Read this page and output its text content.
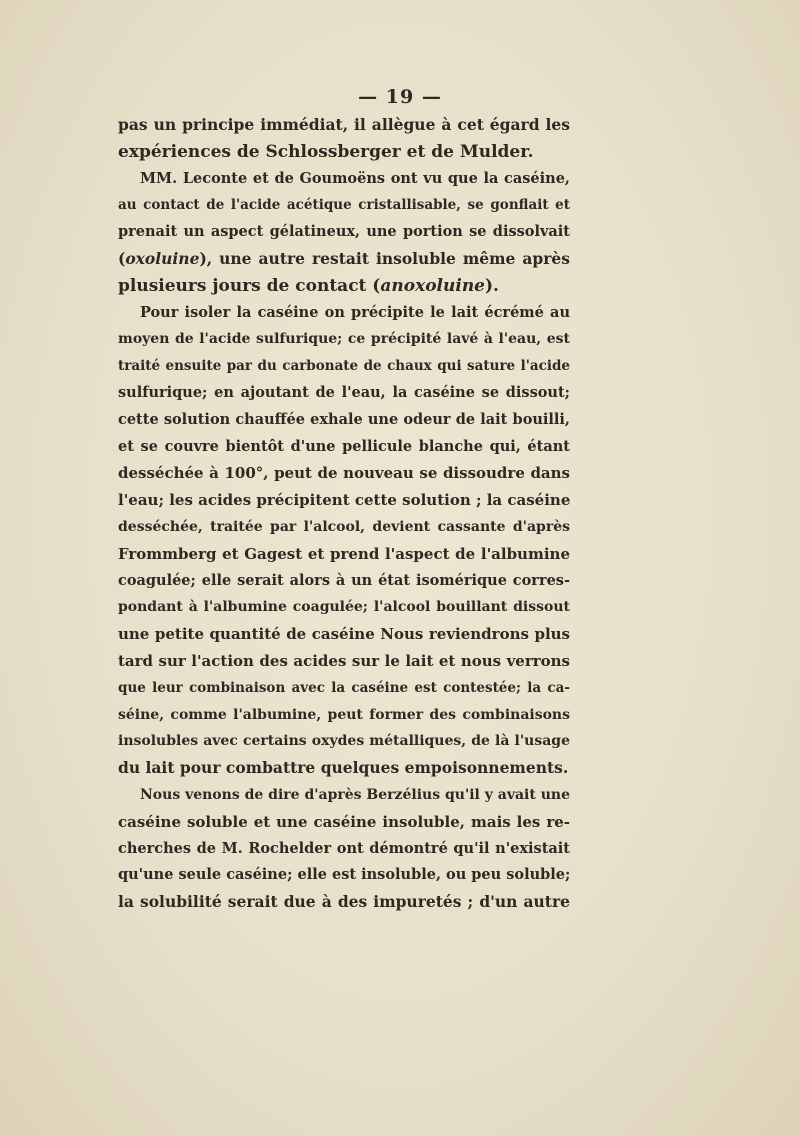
— 19 —
pas un principe immédiat, il allègue à cet égard les
expériences de Schlossberger et de Mulder.
MM. Leconte et de Goumoëns ont vu que la caséine,
au contact de l'acide acétique cristallisable, se gonflait et
prenait un aspect gélatineux, une portion se dissolvait
(oxoluine), une autre restait insoluble même après
plusieurs jours de contact (anoxoluine).
Pour isoler la caséine on précipite le lait écrémé au
moyen de l'acide sulfurique; ce précipité lavé à l'eau, est
traité ensuite par du carbonate de chaux qui sature l'acide
sulfurique; en ajoutant de l'eau, la caséine se dissout;
cette solution chauffée exhale une odeur de lait bouilli,
et se couvre bientôt d'une pellicule blanche qui, étant
desséchée à 100°, peut de nouveau se dissoudre dans
l'eau; les acides précipitent cette solution ; la caséine
desséchée, traitée par l'alcool, devient cassante d'après
Frommberg et Gagest et prend l'aspect de l'albumine
coagulée; elle serait alors à un état isomérique corres-
pondant à l'albumine coagulée; l'alcool bouillant dissout
une petite quantité de caséine Nous reviendrons plus
tard sur l'action des acides sur le lait et nous verrons
que leur combinaison avec la caséine est contestée; la ca-
séine, comme l'albumine, peut former des combinaisons
insolubles avec certains oxydes métalliques, de là l'usage
du lait pour combattre quelques empoisonnements.
Nous venons de dire d'après Berzélius qu'il y avait une
caséine soluble et une caséine insoluble, mais les re-
cherches de M. Rochelder ont démontré qu'il n'existait
qu'une seule caséine; elle est insoluble, ou peu soluble;
la solubilité serait due à des impuretés ; d'un autre
